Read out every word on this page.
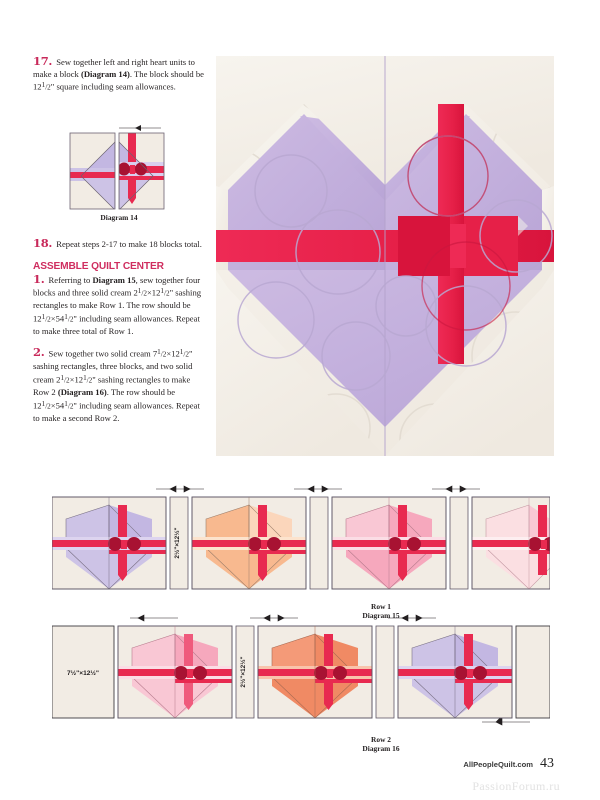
17. Sew together left and right heart units to make a block (Diagram 14). The block should be $12^1/2$" square including seam allowances.

Diagram 14

18. Repeat steps 2-17 to make 18 blocks total.

ASSEMBLE QUILT CENTER

1. Referring to Diagram 15, sew together four blocks and three solid cream $2^1/2\times 12^1/2$" sashing rectangles to make Row 1. The row should be $12^1/2\times 54^1/2$" including seam allowances. Repeat to make three total of Row 1.

2. Sew together two solid cream $7^1/2\times 12^1/2$" sashing rectangles, three blocks, and two solid cream $2^1/2\times 12^1/2$" sashing rectangles to make Row 2 (Diagram 16). The row should be $12^1/2\times 54^1/2$" including seam allowances. Repeat to make a second Row 2.

2½"×12½"
Row 1
Diagram 15
7½"×12½"	2½"×12½"
Row 2
Diagram 16
AllPeopleQuilt.com 43
PassionForum.ru
